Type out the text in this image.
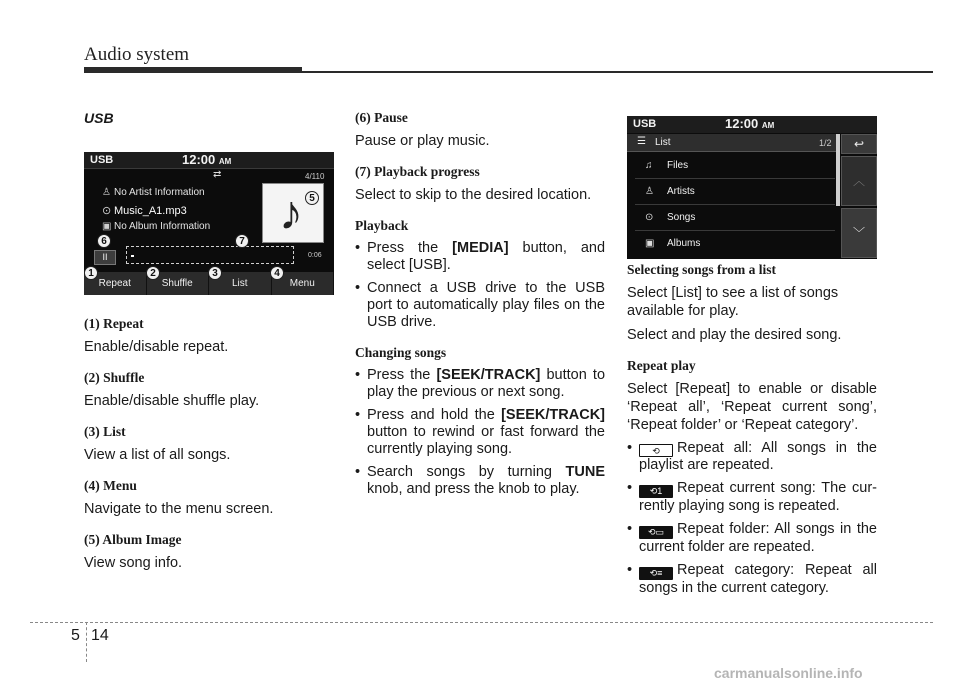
Audio system
USB
USB	12:00 AM
⇄	4/110
♙ No Artist Information
⊙ Music_A1.mp3
▣ No Album Information ♪
II	0:06
Repeat	Shuffle	List	Menu
1	2	3	4
5
6	7
(1) Repeat

Enable/disable repeat.

(2) Shuffle

Enable/disable shuffle play.

(3) List

View a list of all songs.

(4) Menu

Navigate to the menu screen.

(5) Album Image

View song info.

(6) Pause

Pause or play music.

(7) Playback progress

Select to skip to the desired location.

Playback
• Press the [MEDIA] button, and select [USB].
• Connect a USB drive to the USB port to automatically play files on the USB drive.
Changing songs
• Press the [SEEK/TRACK] button to play the previous or next song.
• Press and hold the [SEEK/TRACK] button to rewind or fast forward the currently playing song.
• Search songs by turning TUNE knob, and press the knob to play.
USB	12:00 AM
☰ List	1/2
♫	Files
♙	Artists
⊙	Songs
▣	Albums
↩
︿
﹀
Selecting songs from a list

Select [List] to see a list of songs available for play.

Select and play the desired song.

Repeat play

Select [Repeat] to enable or disable ‘Repeat all’, ‘Repeat current song’, ‘Repeat folder’ or ‘Repeat category’.

• ⟲ Repeat all: All songs in the playlist are repeated.
• ⟲1 Repeat current song: The cur-rently playing song is repeated.
• ⟲▭ Repeat folder: All songs in the current folder are repeated.
• ⟲≡ Repeat category: Repeat all songs in the current category.
5 14
carmanualsonline.info
